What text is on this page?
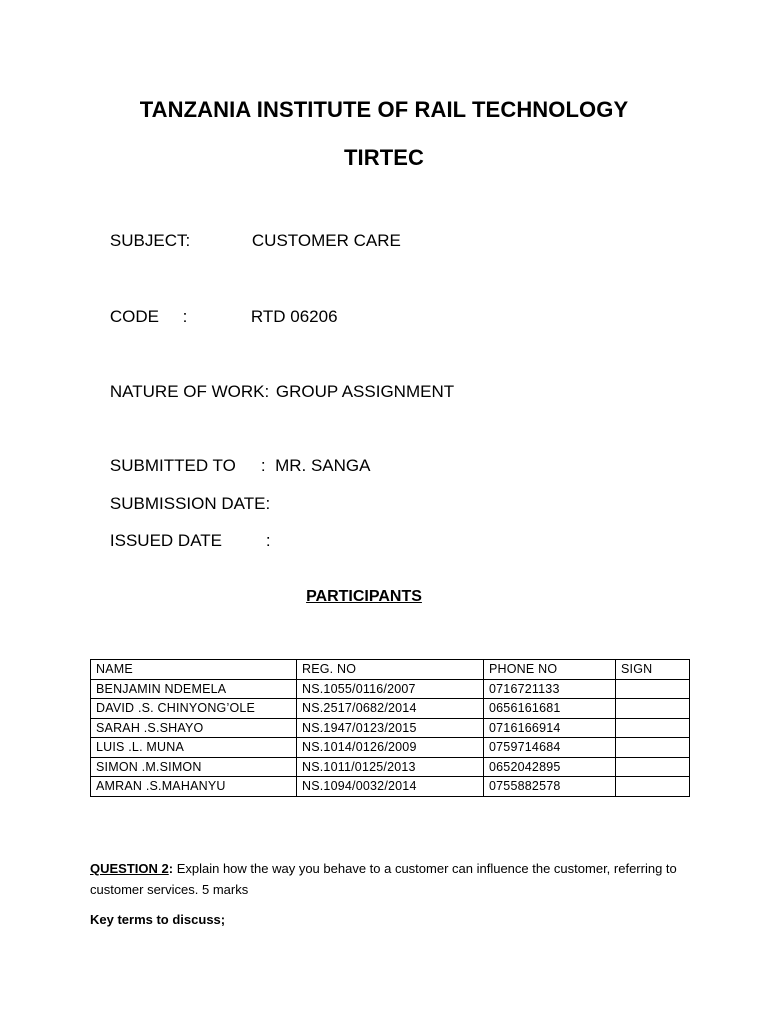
TANZANIA INSTITUTE OF RAIL TECHNOLOGY
TIRTEC

SUBJECT:	CUSTOMER CARE

CODE     :	RTD 06206

NATURE OF WORK: GROUP ASSIGNMENT

SUBMITTED TO :  MR. SANGA

SUBMISSION DATE:

ISSUED DATE	:

PARTICIPANTS
NAME	REG. NO	PHONE NO	SIGN
BENJAMIN NDEMELA	NS.1055/0116/2007	0716721133	
DAVID .S. CHINYONG’OLE	NS.2517/0682/2014	0656161681	
SARAH .S.SHAYO	NS.1947/0123/2015	0716166914	
LUIS .L. MUNA	NS.1014/0126/2009	0759714684	
SIMON .M.SIMON	NS.1011/0125/2013	0652042895	
AMRAN .S.MAHANYU	NS.1094/0032/2014	0755882578	
QUESTION 2: Explain how the way you behave to a customer can influence the customer, referring to customer services. 5 marks
Key terms to discuss;
